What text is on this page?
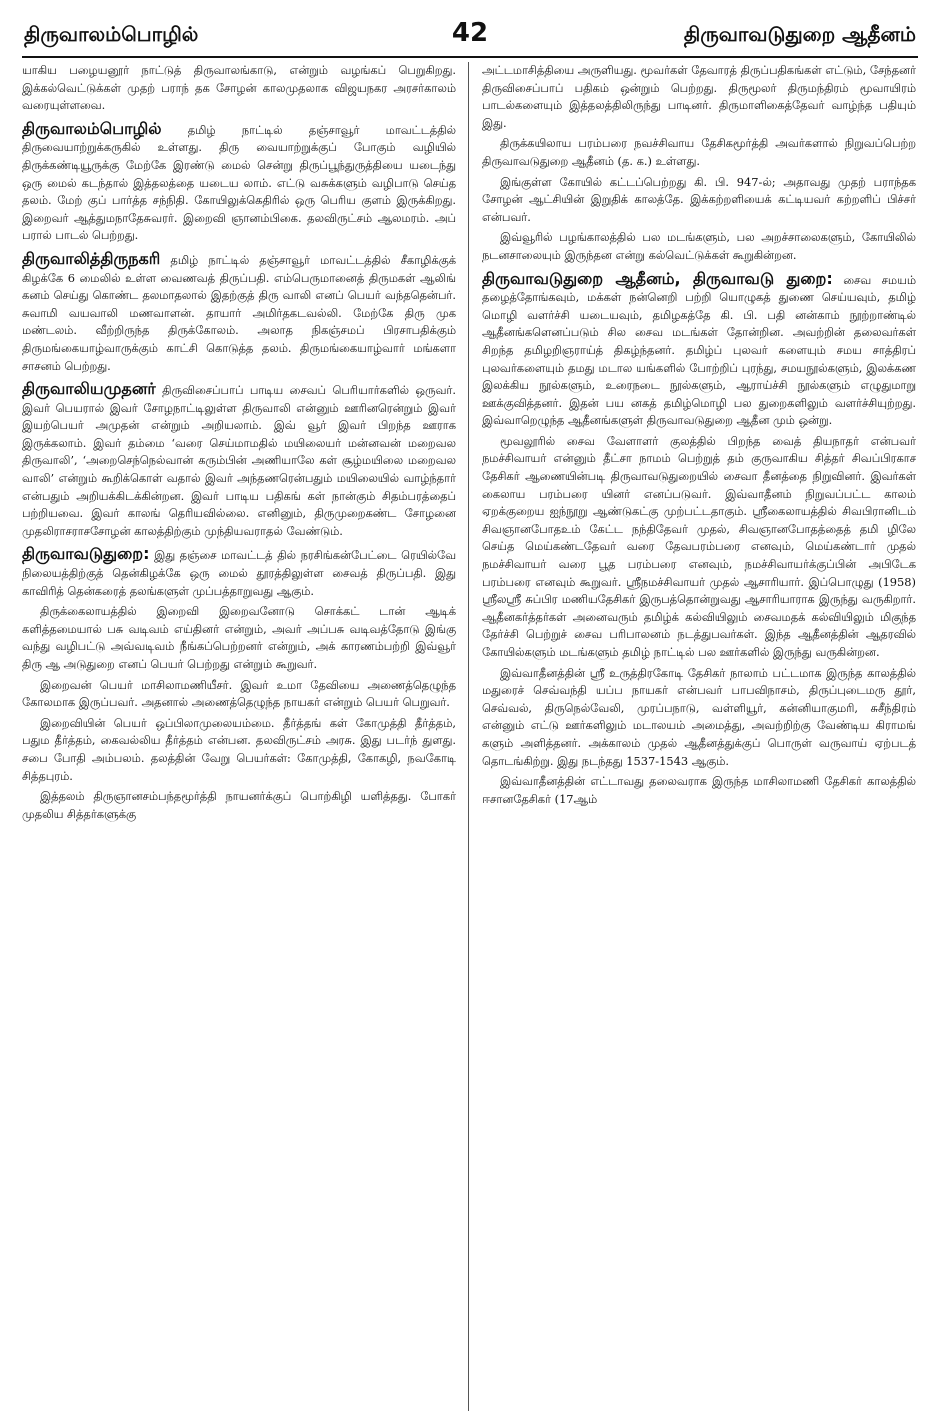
திருவாலம்பொழில்	42	திருவாவடுதுறை ஆதீனம்

யாகிய பழையனூர் நாட்டுத் திருவாலங்காடு, என்றும் வழங்கப் பெறுகிறது. இக்கல்வெட்டுக்கள் முதற் பராந் தக சோழன் காலமுதலாக விஜயநகர அரசர்காலம் வரையுள்ளவை.

திருவாலம்பொழில் தமிழ் நாட்டில் தஞ்சாவூர் மாவட்டத்தில் திருவையாற்றுக்கருகில் உள்ளது. திரு வையாற்றுக்குப் போகும் வழியில் திருக்கண்டியூருக்கு மேற்கே இரண்டு மைல் சென்று திருப்பூந்துருத்தியை யடைந்து ஒரு மைல் கடந்தால் இத்தலத்தை யடைய லாம். எட்டு வசுக்களும் வழிபாடு செய்த தலம். மேற் குப் பார்த்த சந்நிதி. கோயிலுக்கெதிரில் ஒரு பெரிய குளம் இருக்கிறது. இறைவர் ஆத்துமநாதேசுவரர். இறைவி ஞானம்பிகை. தலவிருட்சம் ஆலமரம். அப் பரால் பாடல் பெற்றது.

திருவாலித்திருநகரி தமிழ் நாட்டில் தஞ்சாவூர் மாவட்டத்தில் சீகாழிக்குக் கிழக்கே 6 மைலில் உள்ள வைணவத் திருப்பதி. எம்பெருமானைத் திருமகள் ஆலிங் கனம் செய்து கொண்ட தலமாதலால் இதற்குத் திரு வாலி எனப் பெயர் வந்ததென்பர். சுவாமி வயவாலி மணவாளன். தாயார் அமிர்தகடவல்லி. மேற்கே திரு முக மண்டலம். வீற்றிருந்த திருக்கோலம். அலாத நிகஞ்சமப் பிரசாபதிக்கும் திருமங்கையாழ்வாருக்கும் காட்சி கொடுத்த தலம். திருமங்கையாழ்வார் மங்களா சாசனம் பெற்றது.

திருவாலியமுதனர் திருவிசைப்பாப் பாடிய சைவப் பெரியார்களில் ஒருவர். இவர் பெயரால் இவர் சோழநாட்டிலுள்ள திருவாலி என்னும் ஊரினரென்றும் இவர் இயற்பெயர் அமுதன் என்றும் அறியலாம். இவ் வூர் இவர் பிறந்த ஊராக இருக்கலாம். இவர் தம்மை ‘வரை செய்மாமதில் மயிலையர் மன்னவன் மறைவல திருவாலி’, ‘அறைசெந்நெல்வான் கரும்பின் அணியாலே கள் சூழ்மயிலை மறைவல வாலி’ என்றும் கூறிக்கொள் வதால் இவர் அந்தணரென்பதும் மயிலையில் வாழ்ந்தார் என்பதும் அறியக்கிடக்கின்றன. இவர் பாடிய பதிகங் கள் நான்கும் சிதம்பரத்தைப் பற்றியவை. இவர் காலங் தெரியவில்லை. எனினும், திருமுறைகண்ட சோழனை முதலிராசராசசோழன் காலத்திற்கும் முந்தியவராதல் வேண்டும்.

திருவாவடுதுறை: இது தஞ்சை மாவட்டத் தில் நரசிங்கன்பேட்டை ரெயில்வே நிலையத்திற்குத் தென்கிழக்கே ஒரு மைல் தூரத்திலுள்ள சைவத் திருப்பதி. இது காவிரித் தென்கரைத் தலங்களுள் முப்பத்தாறுவது ஆகும்.

திருக்கைலாயத்தில் இறைவி இறைவனோடு சொக்கட் டான் ஆடிக் களித்தமையால் பசு வடிவம் எய்தினர் என்றும், அவர் அப்பசு வடிவத்தோடு இங்கு வந்து வழிபட்டு அவ்வடிவம் நீங்கப்பெற்றனர் என்றும், அக் காரணம்பற்றி இவ்வூர் திரு ஆ அடுதுறை எனப் பெயர் பெற்றது என்றும் கூறுவர்.

இறைவன் பெயர் மாசிலாமணியீசர். இவர் உமா தேவியை அணைத்தெழுந்த கோலமாக இருப்பவர். அதனால் அணைத்தெழுந்த நாயகர் என்றும் பெயர் பெறுவர்.

இறைவியின் பெயர் ஒப்பிலாமுலையம்மை. தீர்த்தங் கள் கோமுத்தி தீர்த்தம், பதும தீர்த்தம், கைவல்லிய தீர்த்தம் என்பன. தலவிருட்சம் அரசு. இது படர்ந் துளது. சபை போதி அம்பலம். தலத்தின் வேறு பெயர்கள்: கோமுத்தி, கோகழி, நவகோடி சித்தபுரம்.

இத்தலம் திருஞானசம்பந்தமூர்த்தி நாயனர்க்குப் பொற்கிழி யளித்தது. போகர் முதலிய சித்தர்களுக்கு

அட்டமாசித்தியை அருளியது. மூவர்கள் தேவாரத் திருப்பதிகங்கள் எட்டும், சேந்தனர் திருவிசைப்பாப் பதிகம் ஒன்றும் பெற்றது. திருமூலர் திருமந்திரம் மூவாயிரம் பாடல்களையும் இத்தலத்திலிருந்து பாடினர். திருமாளிகைத்தேவர் வாழ்ந்த பதியும் இது.

திருக்கயிலாய பரம்பரை நவச்சிவாய தேசிகமூர்த்தி அவர்களால் நிறுவப்பெற்ற திருவாவடுதுறை ஆதீனம் (த. க.) உள்ளது.

இங்குள்ள கோயில் கட்டப்பெற்றது கி. பி. 947-ல்; அதாவது முதற் பராந்தக சோழன் ஆட்சியின் இறுதிக் காலத்தே. இக்கற்றளியைக் கட்டியவர் கற்றளிப் பிச்சர் என்பவர்.

இவ்வூரில் பழங்காலத்தில் பல மடங்களும், பல அறச்சாலைகளும், கோயிலில் நடனசாலையும் இருந்தன என்று கல்வெட்டுக்கள் கூறுகின்றன.

திருவாவடுதுறை ஆதீனம், திருவாவடு துறை: சைவ சமயம் தழைத்தோங்கவும், மக்கள் நன்னெறி பற்றி யொழுகத் துணை செய்யவும், தமிழ் மொழி வளர்ச்சி யடையவும், தமிழகத்தே கி. பி. பதி னன்காம் நூற்றாண்டில் ஆதீனங்களெனப்படும் சில சைவ மடங்கள் தோன்றின. அவற்றின் தலைவர்கள் சிறந்த தமிழறிஞராய்த் திகழ்ந்தனர். தமிழ்ப் புலவர் களையும் சமய சாத்திரப் புலவர்களையும் தமது மடால யங்களில் போற்றிப் புரந்து, சமயநூல்களும், இலக்கண இலக்கிய நூல்களும், உரைநடை நூல்களும், ஆராய்ச்சி நூல்களும் எழுதுமாறு ஊக்குவித்தனர். இதன் பய னகத் தமிழ்மொழி பல துறைகளிலும் வளர்ச்சியுற்றது. இவ்வாறெழுந்த ஆதீனங்களுள் திருவாவடுதுறை ஆதீன மும் ஒன்று.

மூவலூரில் சைவ வேளாளர் குலத்தில் பிறந்த வைத் தியநாதர் என்பவர் நமச்சிவாயர் என்னும் தீட்சா நாமம் பெற்றுத் தம் குருவாகிய சித்தர் சிவப்பிரகாச தேசிகர் ஆணையின்படி திருவாவடுதுறையில் சைவா தீனத்தை நிறுவினர். இவர்கள் கைலாய பரம்பரை யினர் எனப்படுவர். இவ்வாதீனம் நிறுவப்பட்ட காலம் ஏறக்குறைய ஐந்நூறு ஆண்டுகட்கு முற்பட்டதாகும். ஸ்ரீகைலாயத்தில் சிவபிரானிடம் சிவஞானபோதஉம் கேட்ட நந்திதேவர் முதல், சிவஞானபோதத்தைத் தமி ழிலே செய்த மெய்கண்டதேவர் வரை தேவபரம்பரை எனவும், மெய்கண்டார் முதல் நமச்சிவாயர் வரை பூத பரம்பரை எனவும், நமச்சிவாயர்க்குப்பின் அபிடேக பரம்பரை எனவும் கூறுவர். ஸ்ரீநமச்சிவாயர் முதல் ஆசாரியார். இப்பொழுது (1958) ஸ்ரீலஸ்ரீ சுப்பிர மணியதேசிகர் இருபத்தொன்றுவது ஆசாரியாராக இருந்து வருகிறார். ஆதீனகர்த்தர்கள் அனைவரும் தமிழ்க் கல்வியிலும் சைவமதக் கல்வியிலும் மிகுந்த தேர்ச்சி பெற்றுச் சைவ பரிபாலனம் நடத்துபவர்கள். இந்த ஆதீனத்தின் ஆதரவில் கோயில்களும் மடங்களும் தமிழ் நாட்டில் பல ஊர்களில் இருந்து வருகின்றன.

இவ்வாதீனத்தின் ஸ்ரீ உருத்திரகோடி தேசிகர் நாலாம் பட்டமாக இருந்த காலத்தில் மதுரைச் செவ்வந்தி யப்ப நாயகர் என்பவர் பாபவிநாசம், திருப்புடைமரு தூர், செவ்வல், திருநெல்வேலி, முரப்பநாடு, வள்ளியூர், கன்னியாகுமரி, சுசீந்திரம் என்னும் எட்டு ஊர்களிலும் மடாலயம் அமைத்து, அவற்றிற்கு வேண்டிய கிராமங் களும் அளித்தனர். அக்காலம் முதல் ஆதீனத்துக்குப் பொருள் வருவாய் ஏற்படத் தொடங்கிற்று. இது நடந்தது 1537-1543 ஆகும்.

இவ்வாதீனத்தின் எட்டாவது தலைவராக இருந்த மாசிலாமணி தேசிகர் காலத்தில் ஈசானதேசிகர் (17ஆம்
